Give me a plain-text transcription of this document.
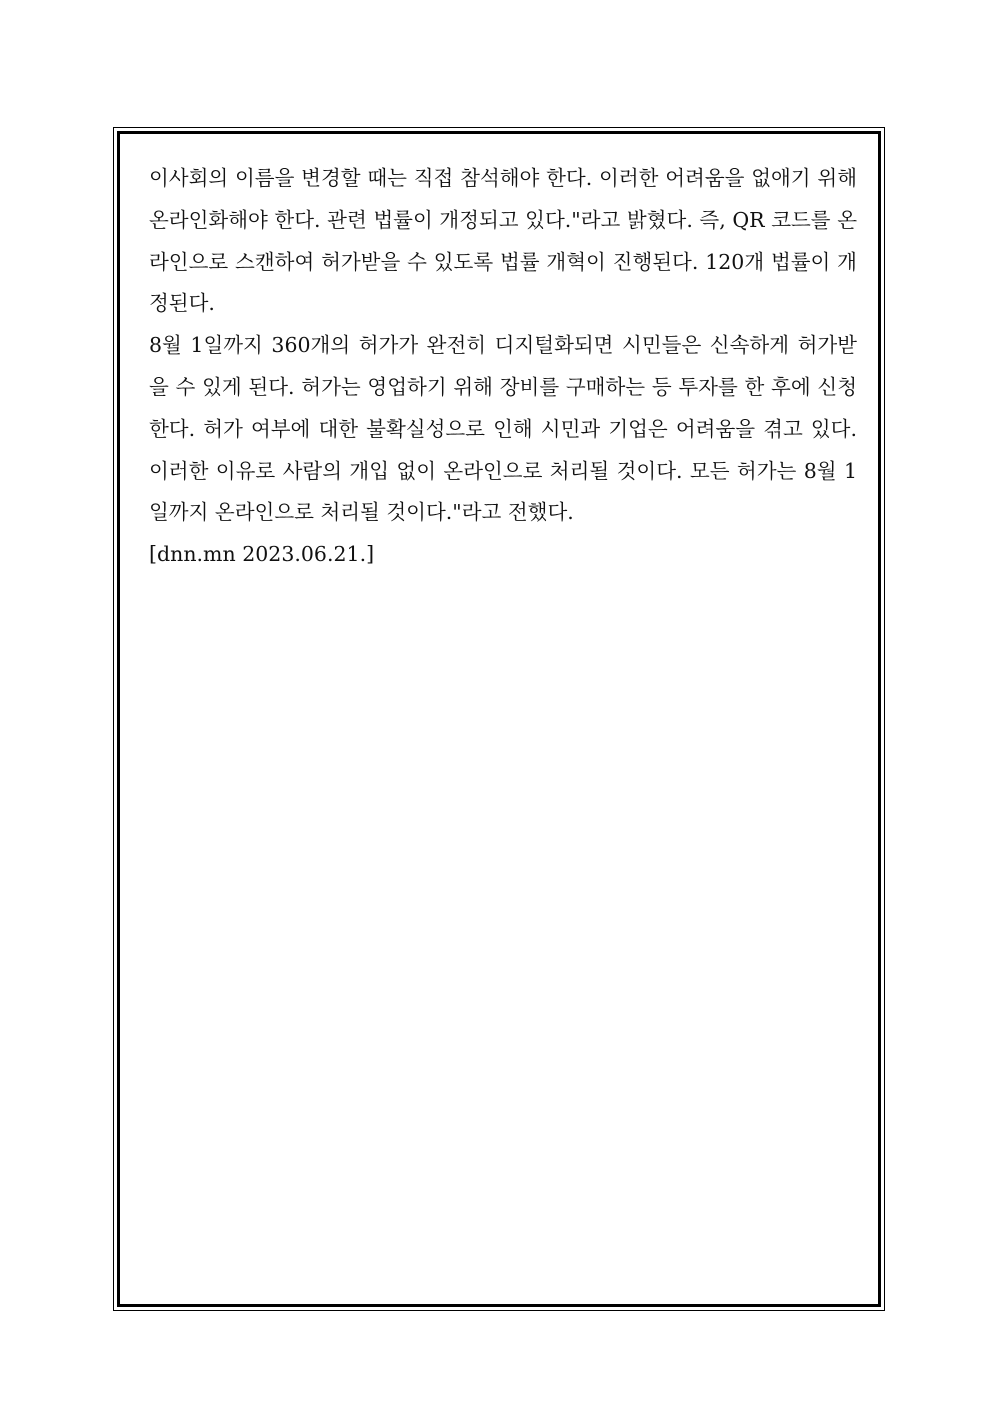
이사회의 이름을 변경할 때는 직접 참석해야 한다. 이러한 어려움을 없애기 위해 온라인화해야 한다. 관련 법률이 개정되고 있다."라고 밝혔다. 즉, QR 코드를 온라인으로 스캔하여 허가받을 수 있도록 법률 개혁이 진행된다. 120개 법률이 개정된다.

8월 1일까지 360개의 허가가 완전히 디지털화되면 시민들은 신속하게 허가받을 수 있게 된다. 허가는 영업하기 위해 장비를 구매하는 등 투자를 한 후에 신청한다. 허가 여부에 대한 불확실성으로 인해 시민과 기업은 어려움을 겪고 있다. 이러한 이유로 사람의 개입 없이 온라인으로 처리될 것이다. 모든 허가는 8월 1일까지 온라인으로 처리될 것이다."라고 전했다.

[dnn.mn 2023.06.21.]
